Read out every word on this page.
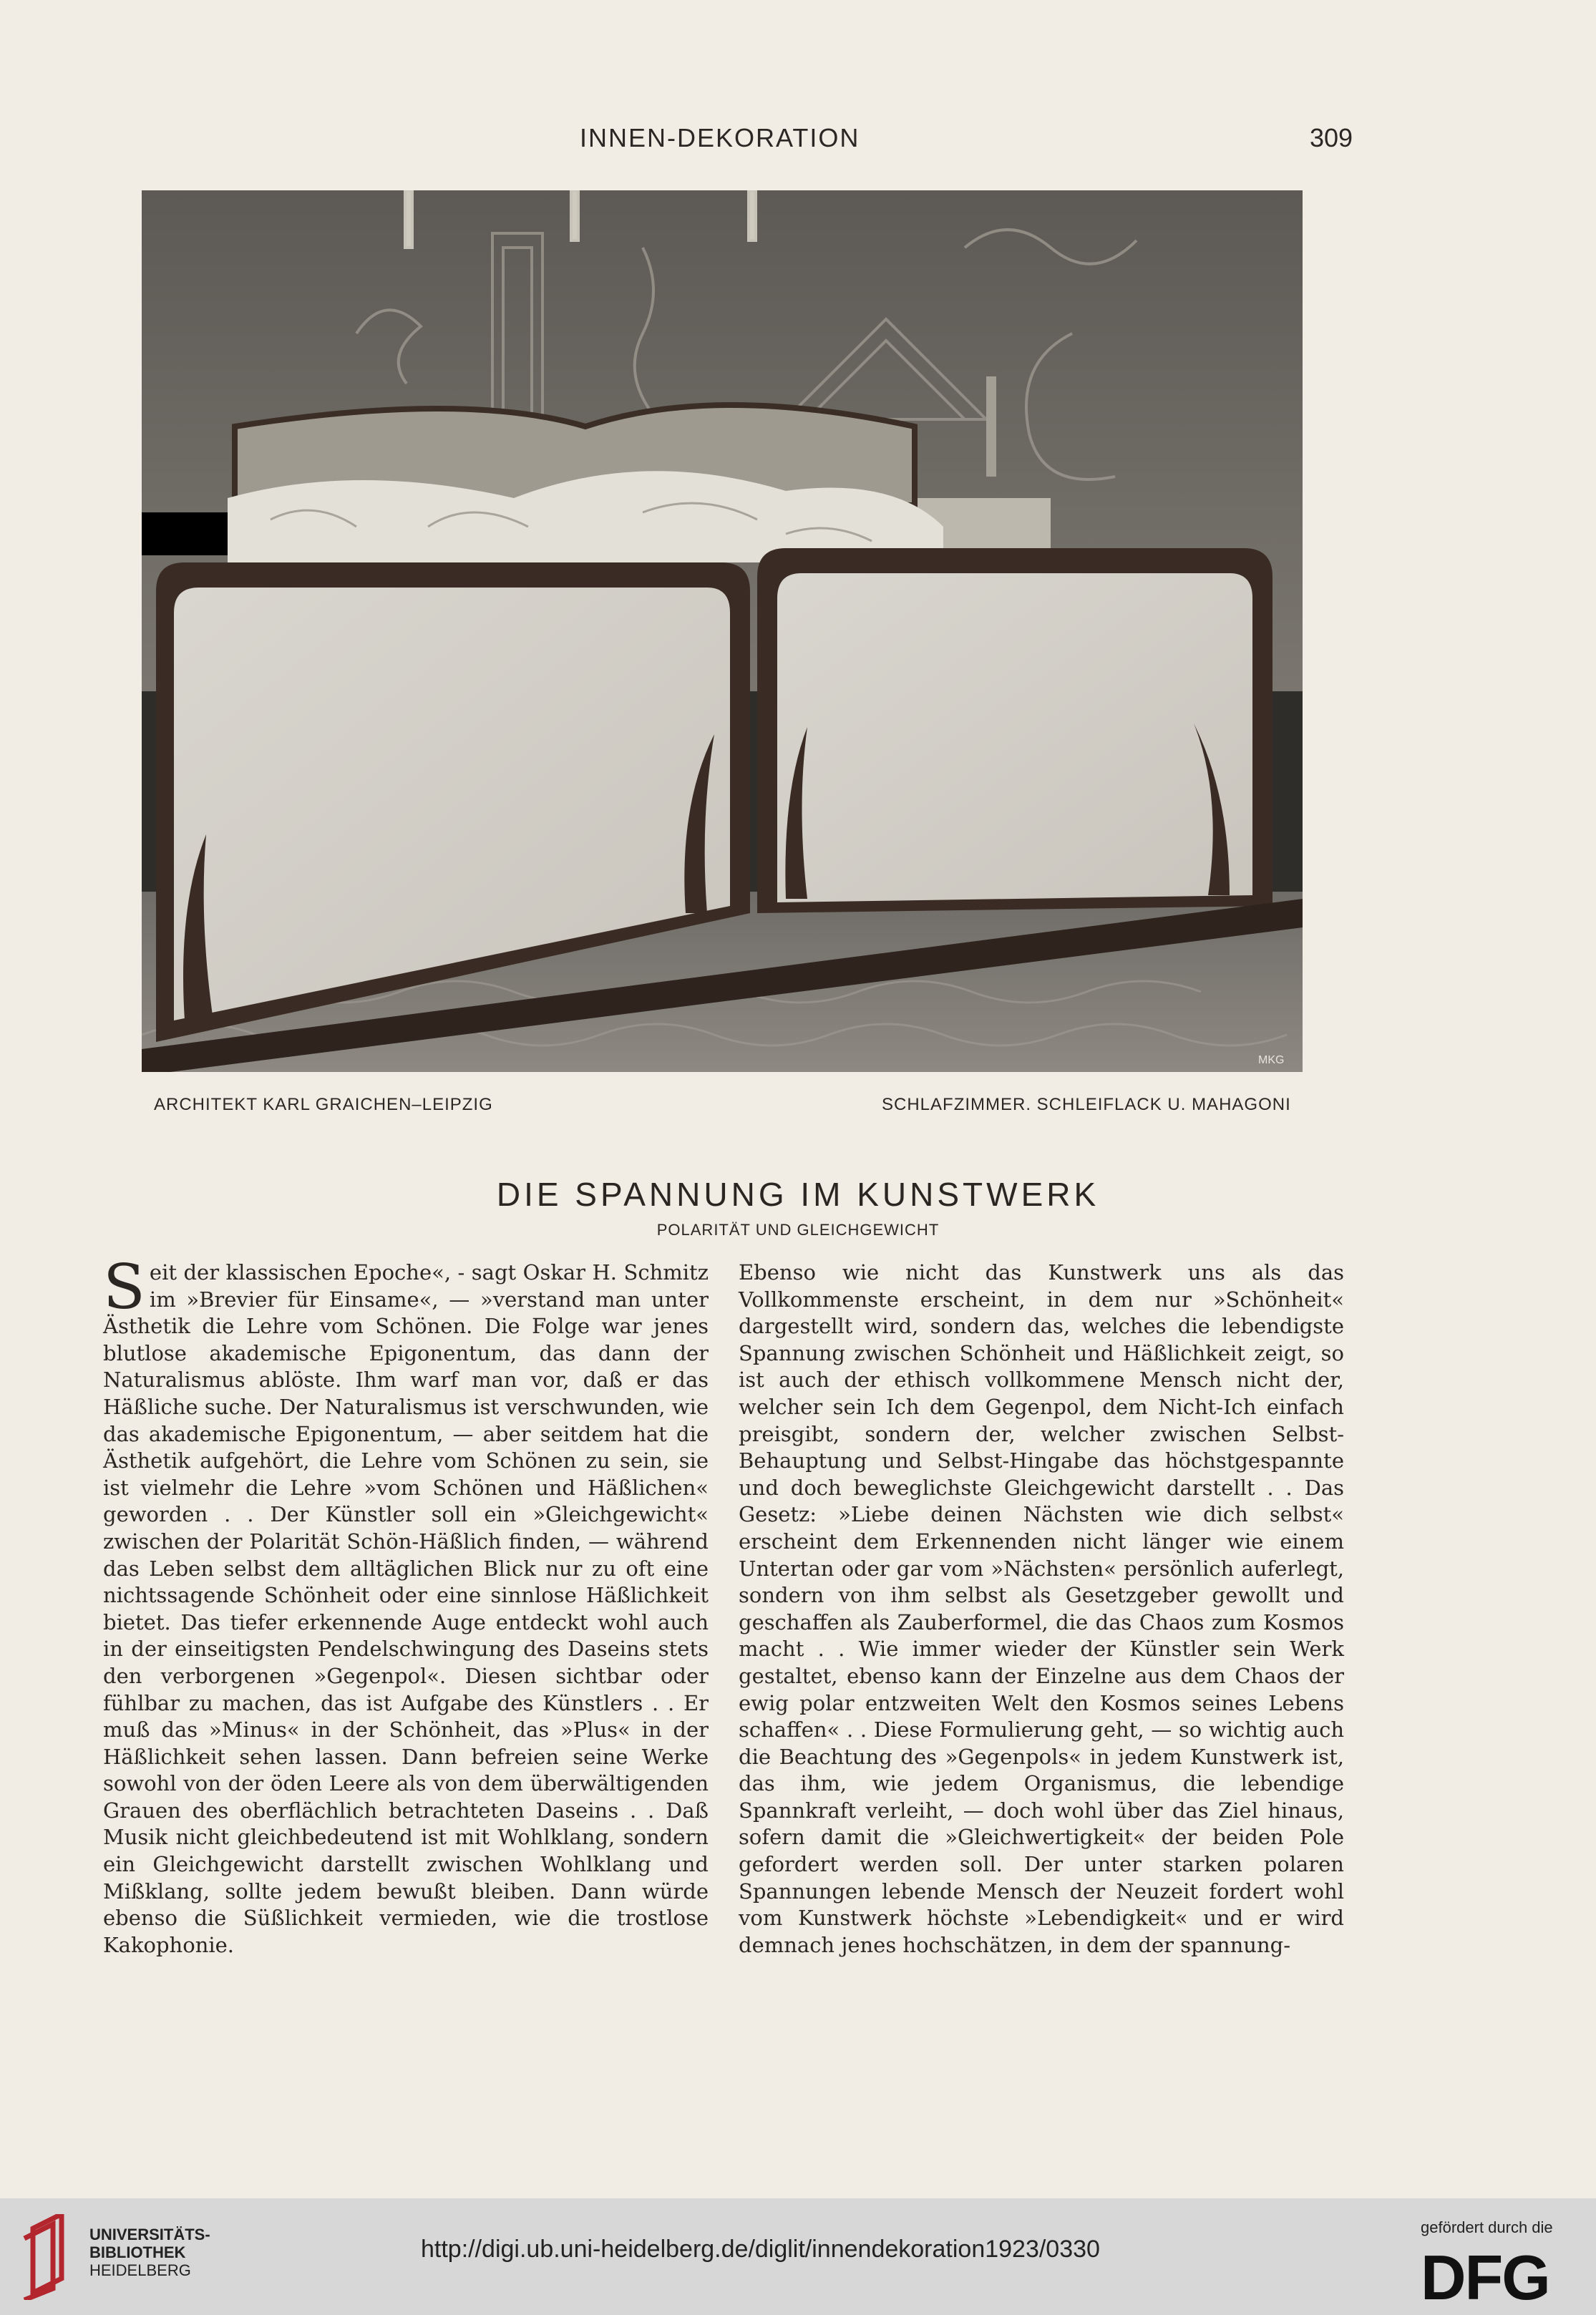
INNEN-DEKORATION	309
MKG
ARCHITEKT KARL GRAICHEN–LEIPZIG	SCHLAFZIMMER. SCHLEIFLACK U. MAHAGONI
DIE SPANNUNG IM KUNSTWERK
POLARITÄT UND GLEICHGEWICHT
S eit der klassischen Epoche«, - sagt Oskar H. Schmitz im »Brevier für Einsame«, — »verstand man unter Ästhetik die Lehre vom Schönen. Die Folge war jenes blutlose akademische Epigonentum, das dann der Naturalismus ablöste. Ihm warf man vor, daß er das Häßliche suche. Der Naturalismus ist verschwunden, wie das akademische Epigonentum, — aber seitdem hat die Ästhetik aufgehört, die Lehre vom Schönen zu sein, sie ist vielmehr die Lehre »vom Schönen und Häßlichen« geworden . . Der Künstler soll ein »Gleichgewicht« zwischen der Polarität Schön-Häßlich finden, — während das Leben selbst dem alltäglichen Blick nur zu oft eine nichtssagende Schönheit oder eine sinnlose Häßlichkeit bietet. Das tiefer erkennende Auge entdeckt wohl auch in der einseitigsten Pendelschwingung des Daseins stets den verborgenen »Gegenpol«. Diesen sichtbar oder fühlbar zu machen, das ist Aufgabe des Künstlers . . Er muß das »Minus« in der Schönheit, das »Plus« in der Häßlichkeit sehen lassen. Dann befreien seine Werke sowohl von der öden Leere als von dem überwältigenden Grauen des oberflächlich betrachteten Daseins . . Daß Musik nicht gleichbedeutend ist mit Wohlklang, sondern ein Gleichgewicht darstellt zwischen Wohlklang und Mißklang, sollte jedem bewußt bleiben. Dann würde ebenso die Süßlichkeit vermieden, wie die trostlose Kakophonie.
Ebenso wie nicht das Kunstwerk uns als das Vollkommenste erscheint, in dem nur »Schönheit« dargestellt wird, sondern das, welches die lebendigste Spannung zwischen Schönheit und Häßlichkeit zeigt, so ist auch der ethisch vollkommene Mensch nicht der, welcher sein Ich dem Gegenpol, dem Nicht-Ich einfach preisgibt, sondern der, welcher zwischen Selbst-Behauptung und Selbst-Hingabe das höchstgespannte und doch beweglichste Gleichgewicht darstellt . . Das Gesetz: »Liebe deinen Nächsten wie dich selbst« erscheint dem Erkennenden nicht länger wie einem Untertan oder gar vom »Nächsten« persönlich auferlegt, sondern von ihm selbst als Gesetzgeber gewollt und geschaffen als Zauberformel, die das Chaos zum Kosmos macht . . Wie immer wieder der Künstler sein Werk gestaltet, ebenso kann der Einzelne aus dem Chaos der ewig polar entzweiten Welt den Kosmos seines Lebens schaffen« . . Diese Formulierung geht, — so wichtig auch die Beachtung des »Gegenpols« in jedem Kunstwerk ist, das ihm, wie jedem Organismus, die lebendige Spannkraft verleiht, — doch wohl über das Ziel hinaus, sofern damit die »Gleichwertigkeit« der beiden Pole gefordert werden soll. Der unter starken polaren Spannungen lebende Mensch der Neuzeit fordert wohl vom Kunstwerk höchste »Lebendigkeit« und er wird demnach jenes hochschätzen, in dem der spannung-
UNIVERSITÄTS-
BIBLIOTHEK
HEIDELBERG
http://digi.ub.uni-heidelberg.de/diglit/innendekoration1923/0330
gefördert durch die
DFG
